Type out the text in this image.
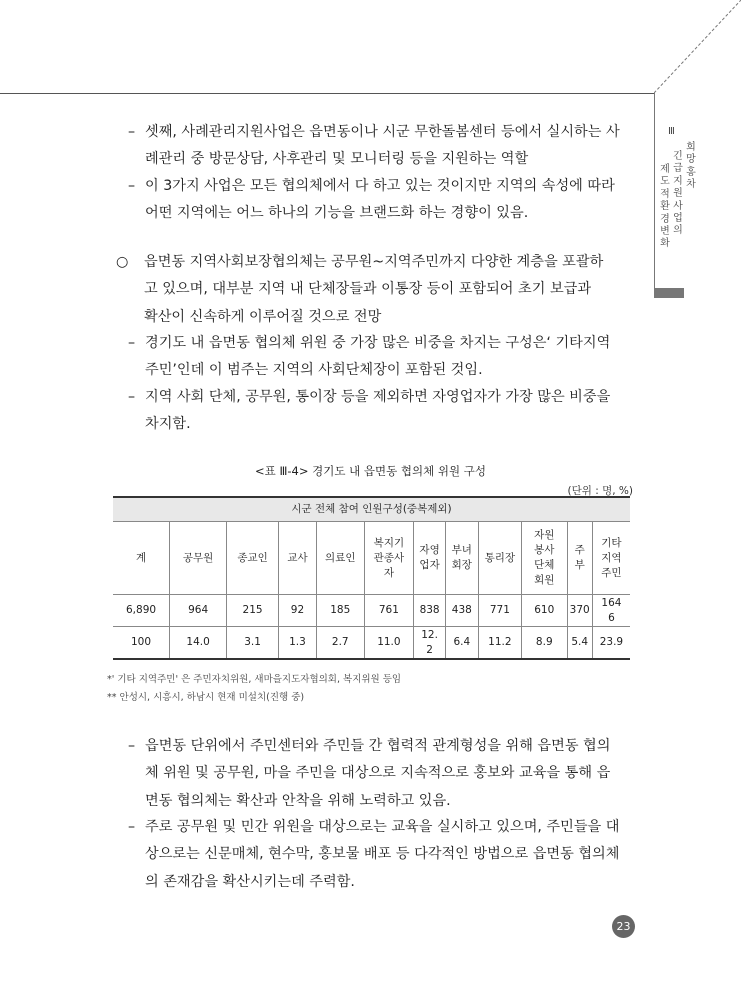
Ⅲ
희망홍차
긴급지원사업의
제도적환경변화
– 셋째, 사례관리지원사업은 읍면동이나 시군 무한돌봄센터 등에서 실시하는 사
례관리 중 방문상담, 사후관리 및 모니터링 등을 지원하는 역할
– 이 3가지 사업은 모든 협의체에서 다 하고 있는 것이지만 지역의 속성에 따라
어떤 지역에는 어느 하나의 기능을 브랜드화 하는 경향이 있음.
○	읍면동 지역사회보장협의체는 공무원~지역주민까지 다양한 계층을 포괄하
고 있으며, 대부분 지역 내 단체장들과 이통장 등이 포함되어 초기 보급과
확산이 신속하게 이루어질 것으로 전망
– 경기도 내 읍면동 협의체 위원 중 가장 많은 비중을 차지는 구성은‘ 기타지역
주민’인데 이 범주는 지역의 사회단체장이 포함된 것임.
– 지역 사회 단체, 공무원, 통이장 등을 제외하면 자영업자가 가장 많은 비중을
차지함.
<표 Ⅲ-4> 경기도 내 읍면동 협의체 위원 구성
(단위 : 명, %)
시군 전체 참여 인원구성(중복제외)											
계	공무원	종교인	교사	의료인	복지기관종사자	자영업자	부녀회장	통리장	자원봉사단체회원	주부	기타지역주민

6,890	964	215	92	185	761	838	438	771	610	370	1646

100	14.0	3.1	1.3	2.7	11.0	12.2	6.4	11.2	8.9	5.4	23.9
*' 기타 지역주민' 은 주민자치위원, 새마을지도자협의회, 복지위원 등임
** 안성시, 시흥시, 하남시 현재 미설치(진행 중)
– 읍면동 단위에서 주민센터와 주민들 간 협력적 관계형성을 위해 읍면동 협의
체 위원 및 공무원, 마을 주민을 대상으로 지속적으로 홍보와 교육을 통해 읍
면동 협의체는 확산과 안착을 위해 노력하고 있음.
– 주로 공무원 및 민간 위원을 대상으로는 교육을 실시하고 있으며, 주민들을 대
상으로는 신문매체, 현수막, 홍보물 배포 등 다각적인 방법으로 읍면동 협의체
의 존재감을 확산시키는데 주력함.
23
